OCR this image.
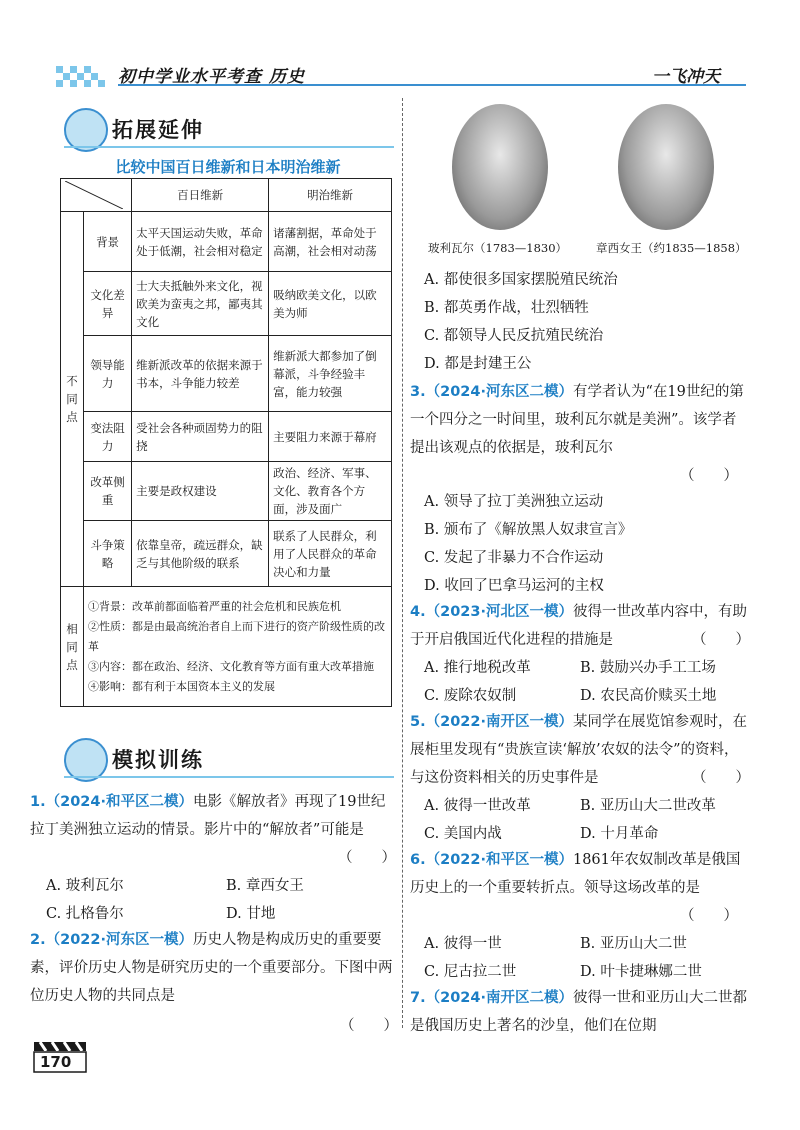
初中学业水平考查 历史	一飞冲天
拓展延伸
比较中国百日维新和日本明治维新
	百日维新	明治维新

不同点	背景	太平天国运动失败，革命处于低潮，社会相对稳定	诸藩割据，革命处于高潮，社会相对动荡
	文化差异	士大夫抵触外来文化，视欧美为蛮夷之邦，鄙夷其文化	吸纳欧美文化，以欧美为师
	领导能力	维新派改革的依据来源于书本，斗争能力较差	维新派大都参加了倒幕派，斗争经验丰富，能力较强
	变法阻力	受社会各种顽固势力的阻挠	主要阻力来源于幕府
	改革侧重	主要是政权建设	政治、经济、军事、文化、教育各个方面，涉及面广
	斗争策略	依靠皇帝，疏远群众，缺乏与其他阶级的联系	联系了人民群众，利用了人民群众的革命决心和力量

相同点	①背景：改革前都面临着严重的社会危机和民族危机
②性质：都是由最高统治者自上而下进行的资产阶级性质的改革
③内容：都在政治、经济、文化教育等方面有重大改革措施
④影响：都有利于本国资本主义的发展		
模拟训练
1.（2024·和平区二模）电影《解放者》再现了19世纪拉丁美洲独立运动的情景。影片中的“解放者”可能是
（　　）
A. 玻利瓦尔	B. 章西女王
C. 扎格鲁尔	D. 甘地
2.（2022·河东区一模）历史人物是构成历史的重要要素，评价历史人物是研究历史的一个重要部分。下图中两位历史人物的共同点是
（　　）
玻利瓦尔（1783—1830）	章西女王（约1835—1858）
A. 都使很多国家摆脱殖民统治
B. 都英勇作战，壮烈牺牲
C. 都领导人民反抗殖民统治
D. 都是封建王公
3.（2024·河东区二模）有学者认为“在19世纪的第一个四分之一时间里，玻利瓦尔就是美洲”。该学者提出该观点的依据是，玻利瓦尔
（　　）
A. 领导了拉丁美洲独立运动
B. 颁布了《解放黑人奴隶宣言》
C. 发起了非暴力不合作运动
D. 收回了巴拿马运河的主权
4.（2023·河北区一模）彼得一世改革内容中，有助于开启俄国近代化进程的措施是	（　　）
A. 推行地税改革	B. 鼓励兴办手工工场
C. 废除农奴制	D. 农民高价赎买土地
5.（2022·南开区一模）某同学在展览馆参观时，在展柜里发现有“贵族宣读‘解放’农奴的法令”的资料，与这份资料相关的历史事件是	（　　）
A. 彼得一世改革	B. 亚历山大二世改革
C. 美国内战	D. 十月革命
6.（2022·和平区一模）1861年农奴制改革是俄国历史上的一个重要转折点。领导这场改革的是
（　　）
A. 彼得一世	B. 亚历山大二世
C. 尼古拉二世	D. 叶卡捷琳娜二世
7.（2024·南开区二模）彼得一世和亚历山大二世都是俄国历史上著名的沙皇，他们在位期
170
